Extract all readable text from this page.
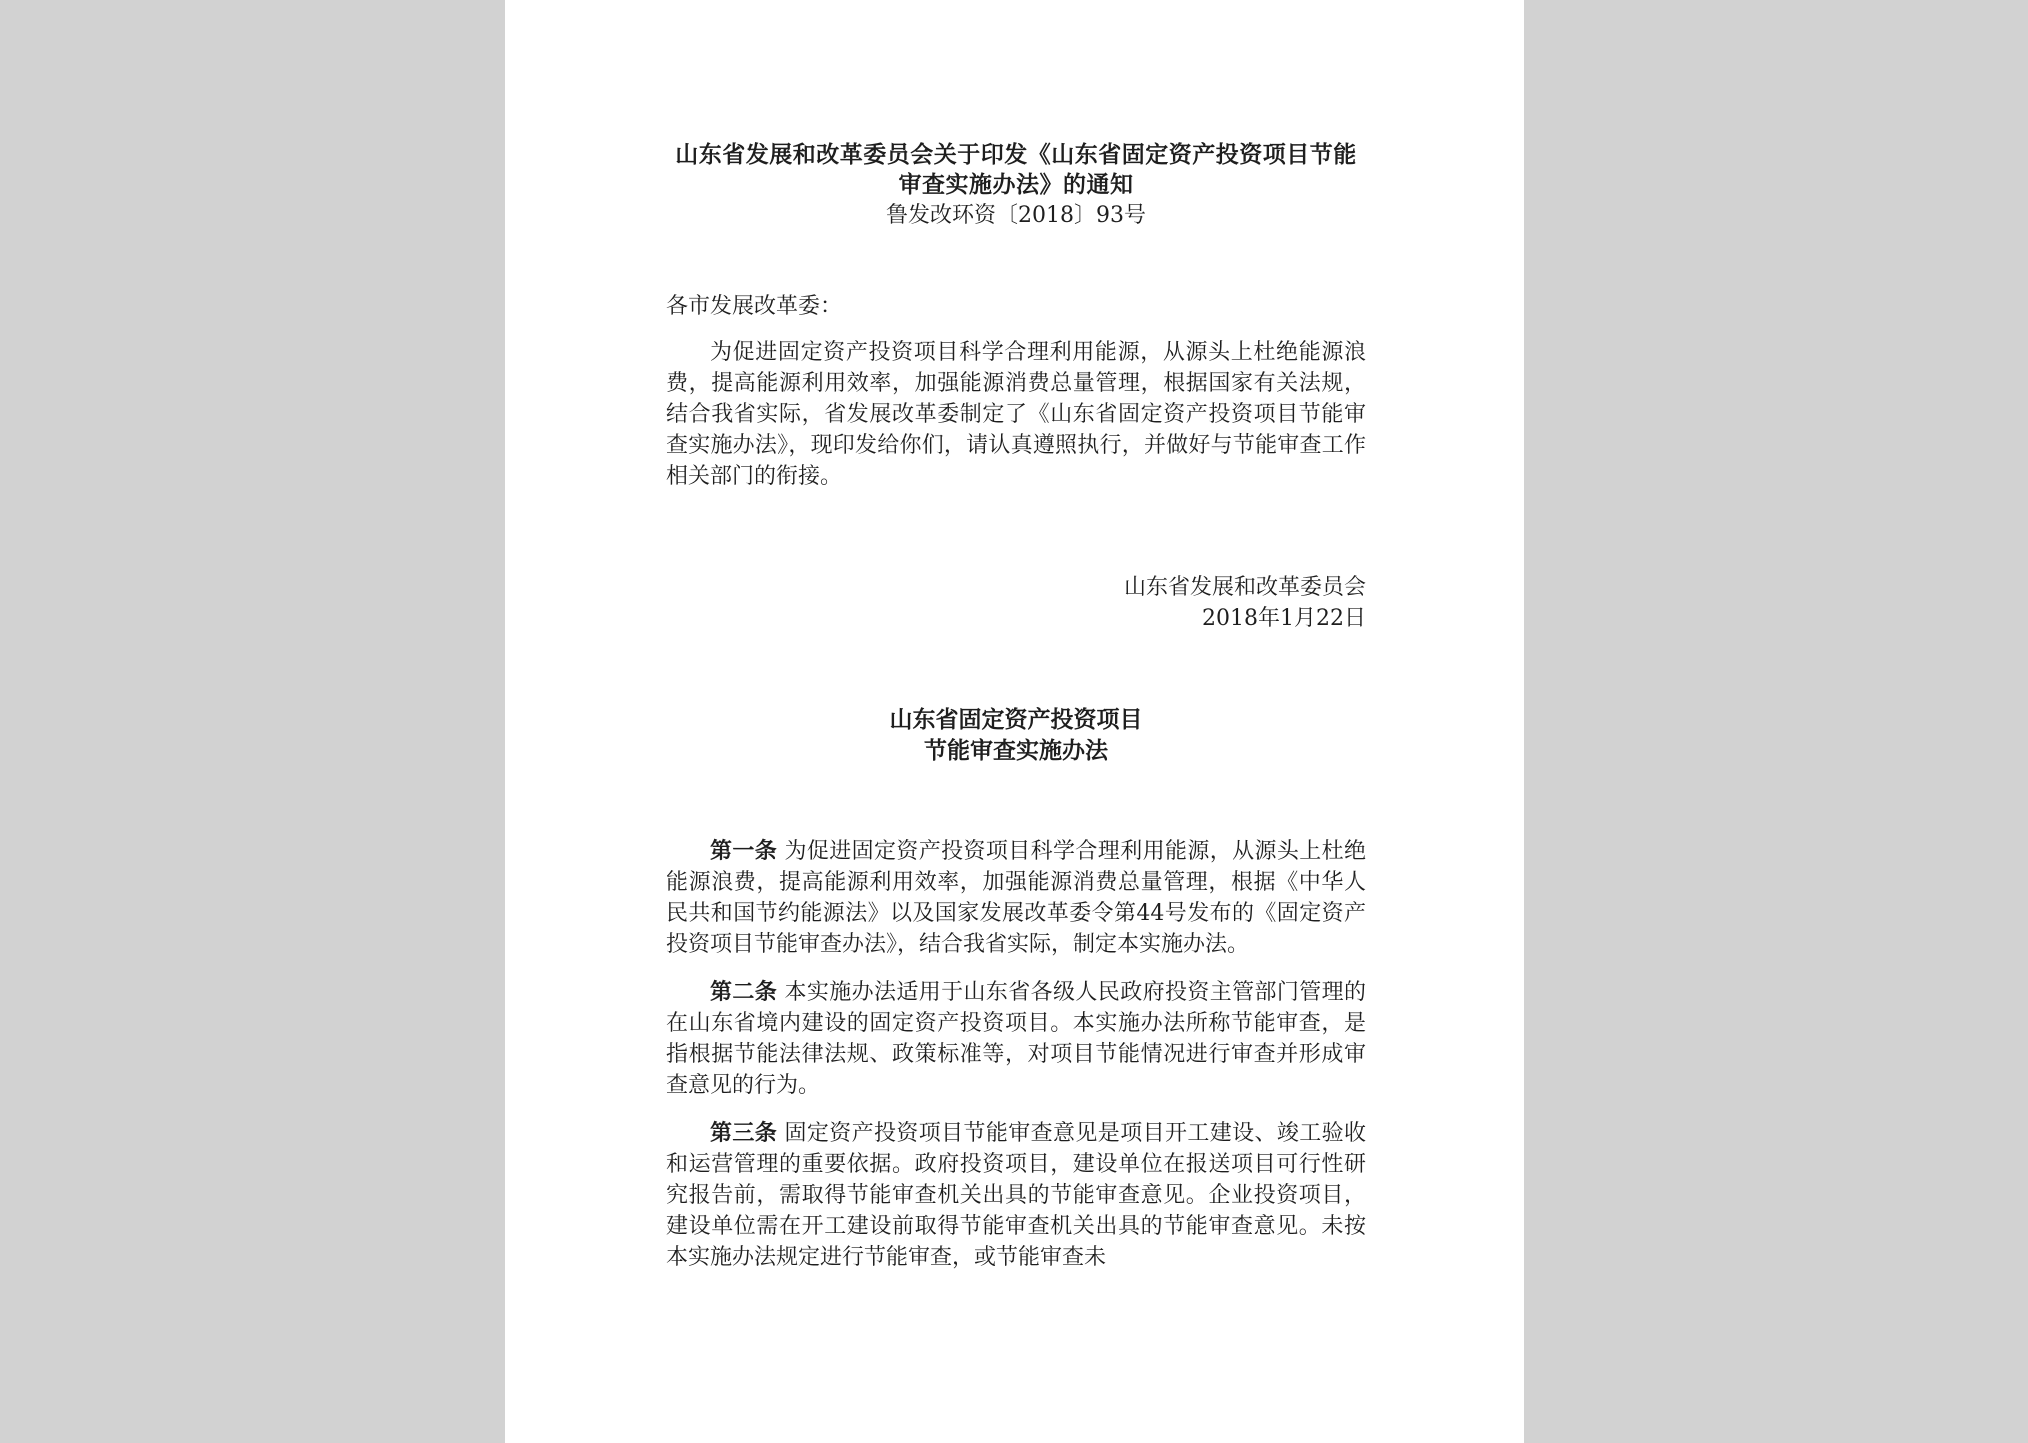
山东省发展和改革委员会关于印发《山东省固定资产投资项目节能审查实施办法》的通知
鲁发改环资〔2018〕93号
各市发展改革委：

为促进固定资产投资项目科学合理利用能源，从源头上杜绝能源浪费，提高能源利用效率，加强能源消费总量管理，根据国家有关法规，结合我省实际，省发展改革委制定了《山东省固定资产投资项目节能审查实施办法》，现印发给你们，请认真遵照执行，并做好与节能审查工作相关部门的衔接。

山东省发展和改革委员会
2018年1月22日
山东省固定资产投资项目
节能审查实施办法

第一条 为促进固定资产投资项目科学合理利用能源，从源头上杜绝能源浪费，提高能源利用效率，加强能源消费总量管理，根据《中华人民共和国节约能源法》以及国家发展改革委令第44号发布的《固定资产投资项目节能审查办法》，结合我省实际，制定本实施办法。

第二条 本实施办法适用于山东省各级人民政府投资主管部门管理的在山东省境内建设的固定资产投资项目。本实施办法所称节能审查，是指根据节能法律法规、政策标准等，对项目节能情况进行审查并形成审查意见的行为。

第三条 固定资产投资项目节能审查意见是项目开工建设、竣工验收和运营管理的重要依据。政府投资项目，建设单位在报送项目可行性研究报告前，需取得节能审查机关出具的节能审查意见。企业投资项目，建设单位需在开工建设前取得节能审查机关出具的节能审查意见。未按本实施办法规定进行节能审查，或节能审查未
